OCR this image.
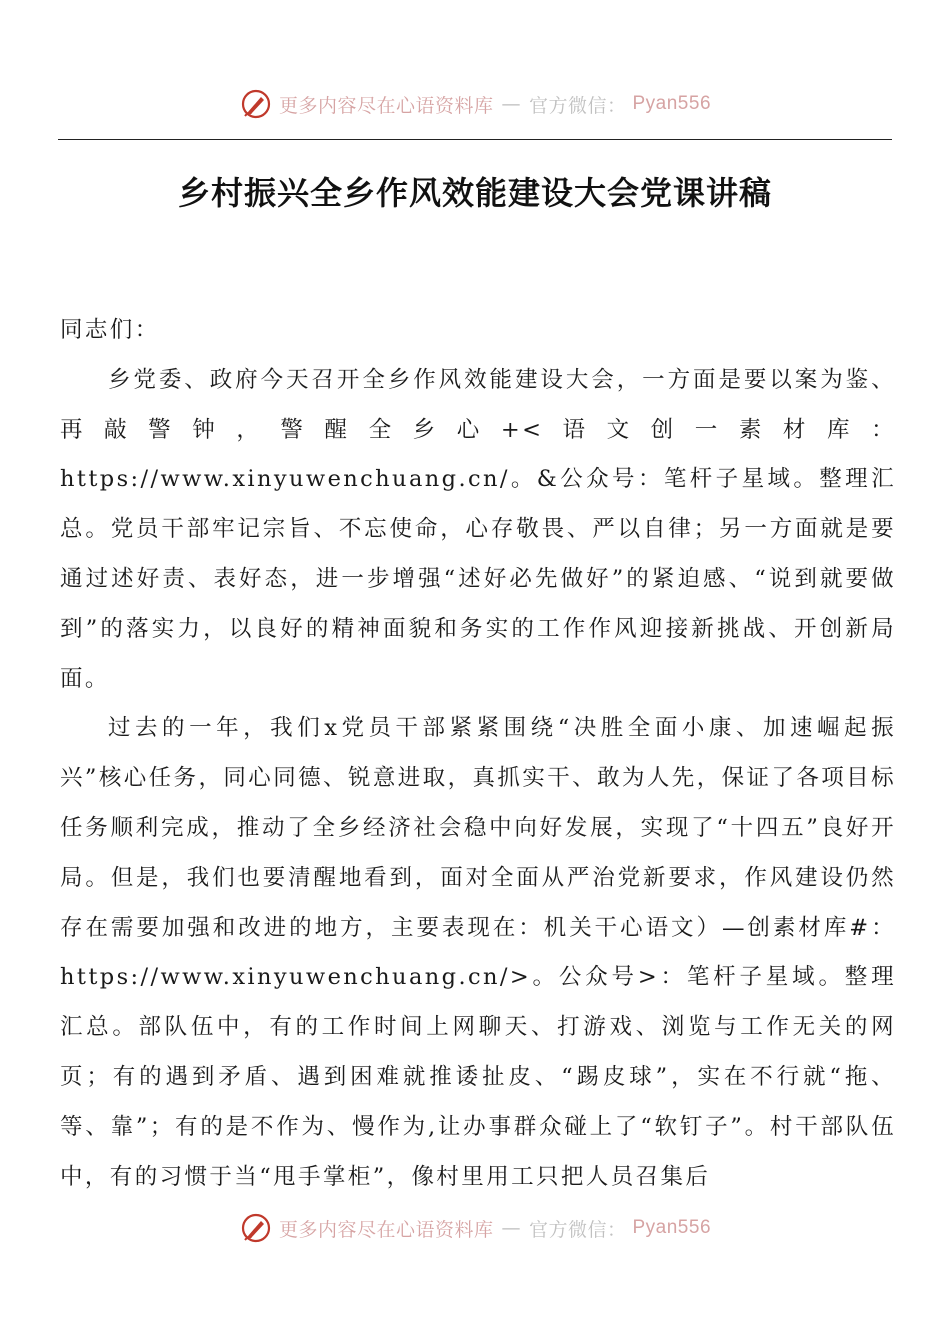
更多内容尽在心语资料库 — 官方微信： Pyan556
乡村振兴全乡作风效能建设大会党课讲稿

同志们：

乡党委、政府今天召开全乡作风效能建设大会，一方面是要以案为鉴、再敲警钟，警醒全乡心+<语文创一素材库：https://www.xinyuwenchuang.cn/。&公众号：笔杆子星域。整理汇总。党员干部牢记宗旨、不忘使命，心存敬畏、严以自律；另一方面就是要通过述好责、表好态，进一步增强“述好必先做好”的紧迫感、“说到就要做到”的落实力，以良好的精神面貌和务实的工作作风迎接新挑战、开创新局面。

过去的一年，我们x党员干部紧紧围绕“决胜全面小康、加速崛起振兴”核心任务，同心同德、锐意进取，真抓实干、敢为人先，保证了各项目标任务顺利完成，推动了全乡经济社会稳中向好发展，实现了“十四五”良好开局。但是，我们也要清醒地看到，面对全面从严治党新要求，作风建设仍然存在需要加强和改进的地方，主要表现在：机关干心语文）—创素材库#：https://www.xinyuwenchuang.cn/>。公众号>：笔杆子星域。整理汇总。部队伍中，有的工作时间上网聊天、打游戏、浏览与工作无关的网页；有的遇到矛盾、遇到困难就推诿扯皮、“踢皮球”，实在不行就“拖、等、靠”；有的是不作为、慢作为,让办事群众碰上了“软钉子”。村干部队伍中，有的习惯于当“甩手掌柜”，像村里用工只把人员召集后

更多内容尽在心语资料库 — 官方微信： Pyan556
